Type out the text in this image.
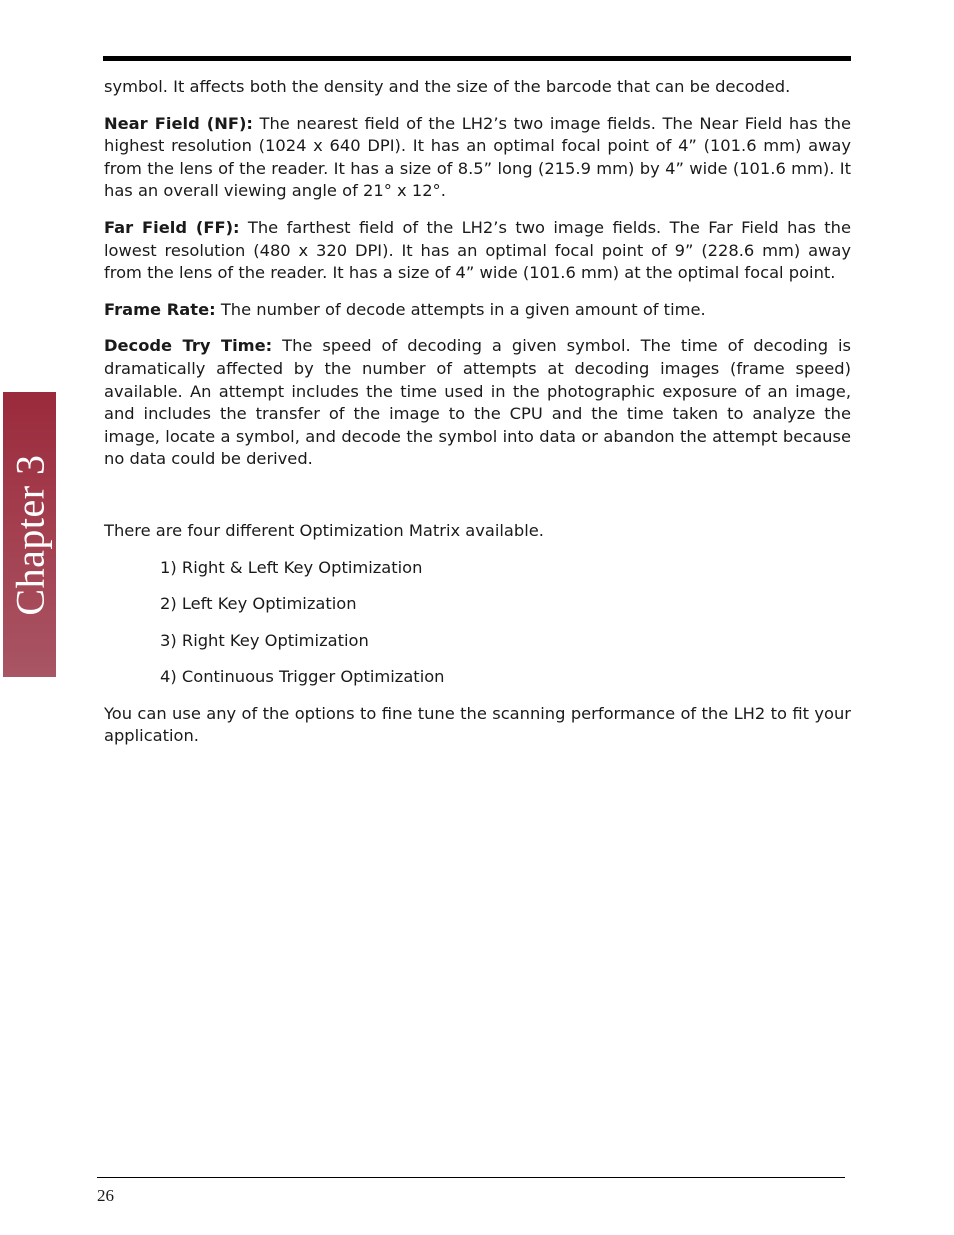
Chapter 3

symbol. It affects both the density and the size of the barcode that can be decoded.

Near Field (NF): The nearest field of the LH2’s two image fields. The Near Field has the highest resolution (1024 x 640 DPI). It has an optimal focal point of 4” (101.6 mm) away from the lens of the reader. It has a size of 8.5” long (215.9 mm) by 4” wide (101.6 mm). It has an overall viewing angle of 21° x 12°.

Far Field (FF): The farthest field of the LH2’s two image fields. The Far Field has the lowest resolution (480 x 320 DPI). It has an optimal focal point of 9” (228.6 mm) away from the lens of the reader. It has a size of 4” wide (101.6 mm) at the optimal focal point.

Frame Rate: The number of decode attempts in a given amount of time.

Decode Try Time: The speed of decoding a given symbol. The time of decoding is dramatically affected by the number of attempts at decoding images (frame speed) available. An attempt includes the time used in the photographic exposure of an image, and includes the transfer of the image to the CPU and the time taken to analyze the image, locate a symbol, and decode the symbol into data or abandon the attempt because no data could be derived.

There are four different Optimization Matrix available.

1) Right & Left Key Optimization

2) Left Key Optimization

3) Right Key Optimization

4) Continuous Trigger Optimization

You can use any of the options to fine tune the scanning performance of the LH2 to fit your application.

26
